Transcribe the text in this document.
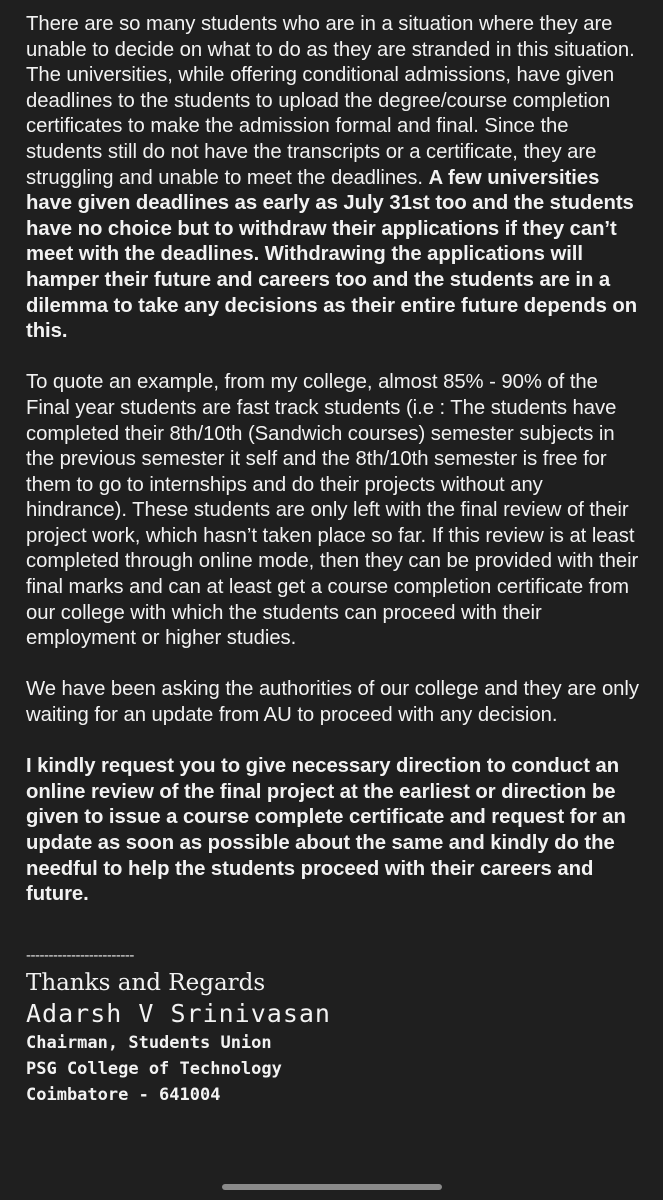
There are so many students who are in a situation where they are unable to decide on what to do as they are stranded in this situation. The universities, while offering conditional admissions, have given deadlines to the students to upload the degree/course completion certificates to make the admission formal and final. Since the students still do not have the transcripts or a certificate, they are struggling and unable to meet the deadlines. A few universities have given deadlines as early as July 31st too and the students have no choice but to withdraw their applications if they can’t meet with the deadlines. Withdrawing the applications will hamper their future and careers too and the students are in a dilemma to take any decisions as their entire future depends on this.

To quote an example, from my college, almost 85% - 90% of the Final year students are fast track students (i.e : The students have completed their 8th/10th (Sandwich courses) semester subjects in the previous semester it self and the 8th/10th semester is free for them to go to internships and do their projects without any hindrance). These students are only left with the final review of their project work, which hasn’t taken place so far. If this review is at least completed through online mode, then they can be provided with their final marks and can at least get a course completion certificate from our college with which the students can proceed with their employment or higher studies.

We have been asking the authorities of our college and they are only waiting for an update from AU to proceed with any decision.

I kindly request you to give necessary direction to conduct an online review of the final project at the earliest or direction be given to issue a course complete certificate and request for an update as soon as possible about the same and kindly do the needful to help the students proceed with their careers and future.

------------------------
Thanks and Regards
Adarsh V Srinivasan
Chairman, Students Union
PSG College of Technology
Coimbatore - 641004
